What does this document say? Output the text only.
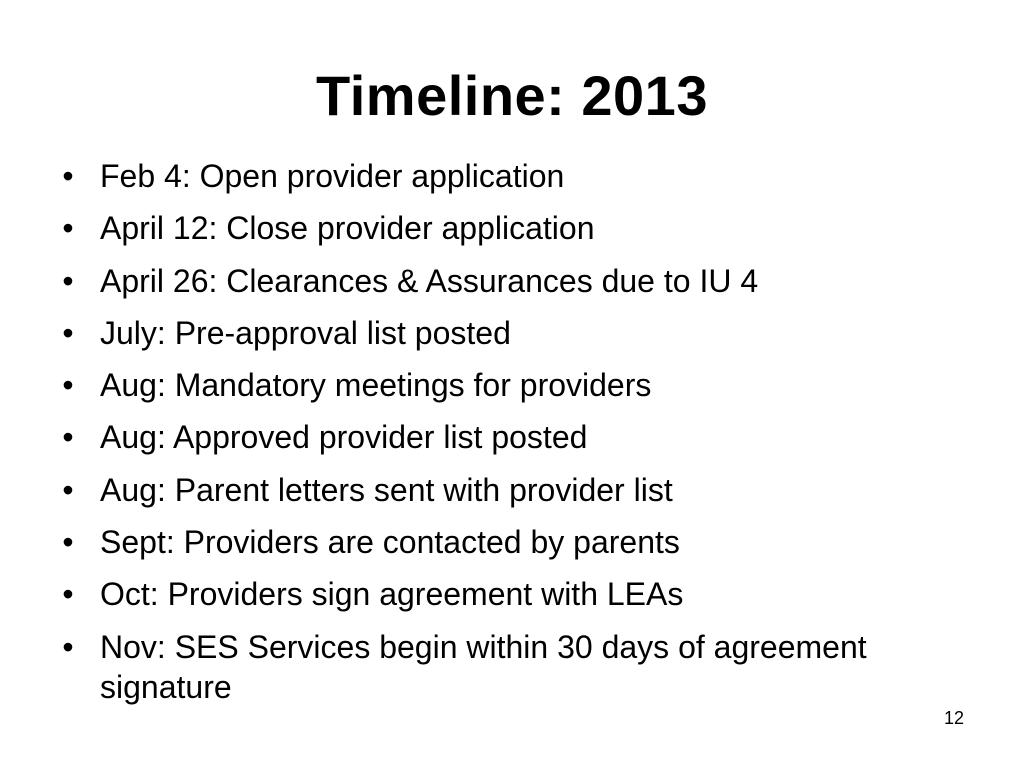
Timeline: 2013
• Feb 4: Open provider application
• April 12: Close provider application
• April 26: Clearances & Assurances due to IU 4
• July: Pre-approval list posted
• Aug: Mandatory meetings for providers
• Aug: Approved provider list posted
• Aug: Parent letters sent with provider list
• Sept: Providers are contacted by parents
• Oct: Providers sign agreement with LEAs
• Nov: SES Services begin within 30 days of agreement signature
12
